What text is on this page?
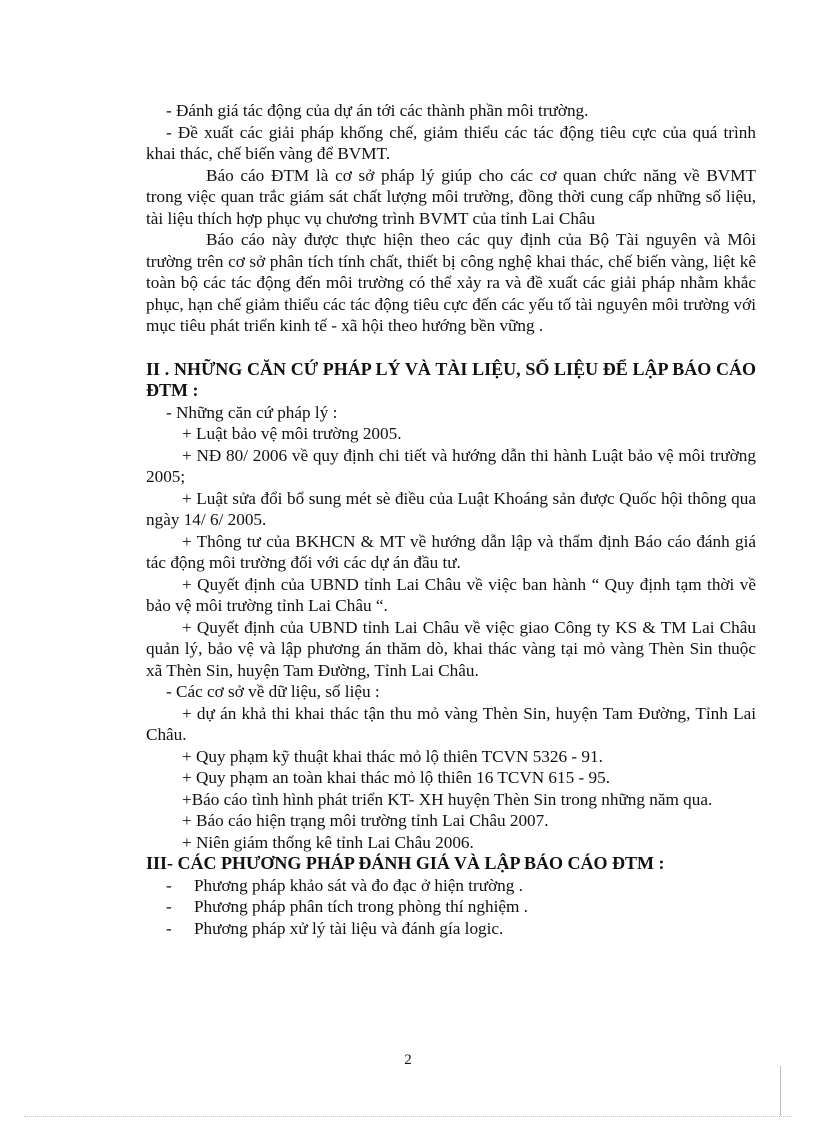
- Đánh giá tác động của dự án tới các thành phần môi trường.

- Đề xuất các giải pháp khống chế, giảm thiểu các tác động tiêu cực của quá trình khai thác, chế biến vàng để BVMT.

Báo cáo ĐTM là cơ sở pháp lý giúp cho các cơ quan chức năng về BVMT trong việc quan trắc giám sát chất lượng môi trường, đồng thời cung cấp những số liệu, tài liệu thích hợp phục vụ chương trình BVMT của tỉnh Lai Châu

Báo cáo này được thực hiện theo các quy định của Bộ Tài nguyên và Môi trường trên cơ sở phân tích tính chất, thiết bị công nghệ khai thác, chế biến vàng, liệt kê toàn bộ các tác động đến môi trường có thể xảy ra và đề xuất các giải pháp nhằm khắc phục, hạn chế giảm thiểu các tác động tiêu cực đến các yếu tố tài nguyên môi trường với mục tiêu phát triển kinh tế - xã hội theo hướng bền vững .

II . NHỮNG CĂN CỨ PHÁP LÝ VÀ TÀI LIỆU, SỐ LIỆU ĐỂ LẬP BÁO CÁO ĐTM :

- Những căn cứ pháp lý :

+ Luật bảo vệ môi trường 2005.

+ NĐ 80/ 2006 về quy định chi tiết và hướng dẫn thi hành Luật bảo vệ môi trường 2005;

+ Luật sửa đổi bổ sung mét sè điều của Luật Khoáng sản được Quốc hội thông qua ngày 14/ 6/ 2005.

+ Thông tư của BKHCN & MT về hướng dẫn lập và thẩm định Báo cáo đánh giá tác động môi trường đối với các dự án đầu tư.

+ Quyết định của UBND tỉnh Lai Châu về việc ban hành “ Quy định tạm thời về bảo vệ môi trường tỉnh Lai Châu “.

+ Quyết định của UBND tỉnh Lai Châu về việc giao Công ty KS & TM Lai Châu quản lý, bảo vệ và lập phương án thăm dò, khai thác vàng tại mỏ vàng Thèn Sin thuộc xã Thèn Sin, huyện Tam Đường, Tỉnh Lai Châu.

- Các cơ sở về dữ liệu, số liệu :

+ dự án khả thi khai thác tận thu mỏ vàng Thèn Sin, huyện Tam Đường, Tỉnh Lai Châu.

+ Quy phạm kỹ thuật khai thác mỏ lộ thiên TCVN 5326 - 91.

+ Quy phạm an toàn khai thác mỏ lộ thiên 16 TCVN 615 - 95.

+Báo cáo tình hình phát triển KT- XH huyện Thèn Sin trong những năm qua.

+ Báo cáo hiện trạng môi trường tỉnh Lai Châu 2007.

+ Niên giám thống kê tỉnh Lai Châu 2006.

III- CÁC PHƯƠNG PHÁP ĐÁNH GIÁ VÀ LẬP BÁO CÁO ĐTM :

-	Phương pháp khảo sát và đo đạc ở hiện trường .

-	Phương pháp phân tích trong phòng thí nghiệm .

-	Phương pháp xử lý tài liệu và đánh gía logic.

2
